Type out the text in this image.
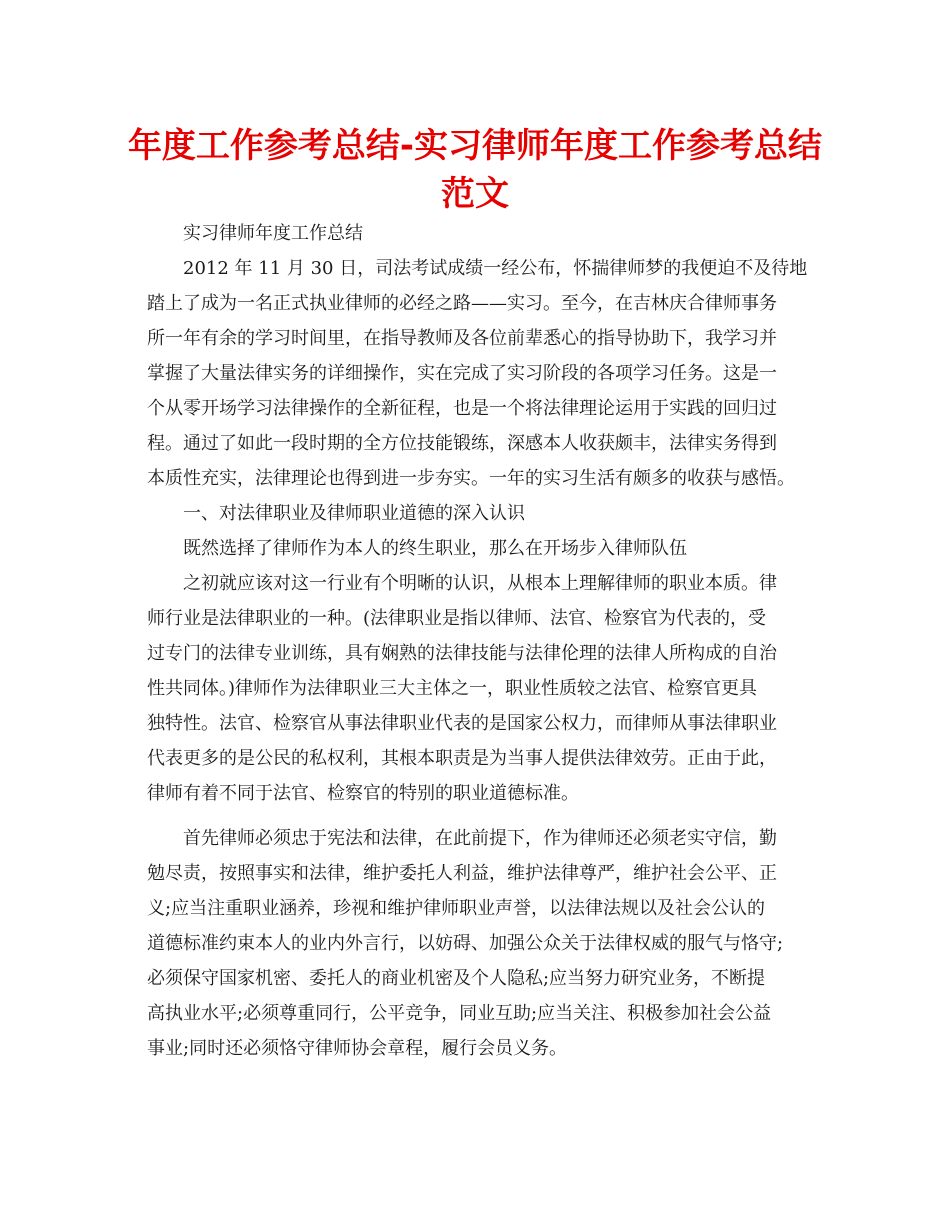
年度工作参考总结-实习律师年度工作参考总结
范文
实习律师年度工作总结
2012 年 11 月 30 日，司法考试成绩一经公布，怀揣律师梦的我便迫不及待地
踏上了成为一名正式执业律师的必经之路——实习。至今，在吉林庆合律师事务
所一年有余的学习时间里，在指导教师及各位前辈悉心的指导协助下，我学习并
掌握了大量法律实务的详细操作，实在完成了实习阶段的各项学习任务。这是一
个从零开场学习法律操作的全新征程，也是一个将法律理论运用于实践的回归过
程。通过了如此一段时期的全方位技能锻练，深感本人收获颇丰，法律实务得到
本质性充实，法律理论也得到进一步夯实。一年的实习生活有颇多的收获与感悟。
一、对法律职业及律师职业道德的深入认识
既然选择了律师作为本人的终生职业，那么在开场步入律师队伍
之初就应该对这一行业有个明晰的认识，从根本上理解律师的职业本质。律
师行业是法律职业的一种。(法律职业是指以律师、法官、检察官为代表的，受
过专门的法律专业训练，具有娴熟的法律技能与法律伦理的法律人所构成的自治
性共同体。)律师作为法律职业三大主体之一，职业性质较之法官、检察官更具
独特性。法官、检察官从事法律职业代表的是国家公权力，而律师从事法律职业
代表更多的是公民的私权利，其根本职责是为当事人提供法律效劳。正由于此，
律师有着不同于法官、检察官的特别的职业道德标准。
首先律师必须忠于宪法和法律，在此前提下，作为律师还必须老实守信，勤
勉尽责，按照事实和法律，维护委托人利益，维护法律尊严，维护社会公平、正
义;应当注重职业涵养，珍视和维护律师职业声誉，以法律法规以及社会公认的
道德标准约束本人的业内外言行，以妨碍、加强公众关于法律权威的服气与恪守;
必须保守国家机密、委托人的商业机密及个人隐私;应当努力研究业务，不断提
高执业水平;必须尊重同行，公平竞争，同业互助;应当关注、积极参加社会公益
事业;同时还必须恪守律师协会章程，履行会员义务。
